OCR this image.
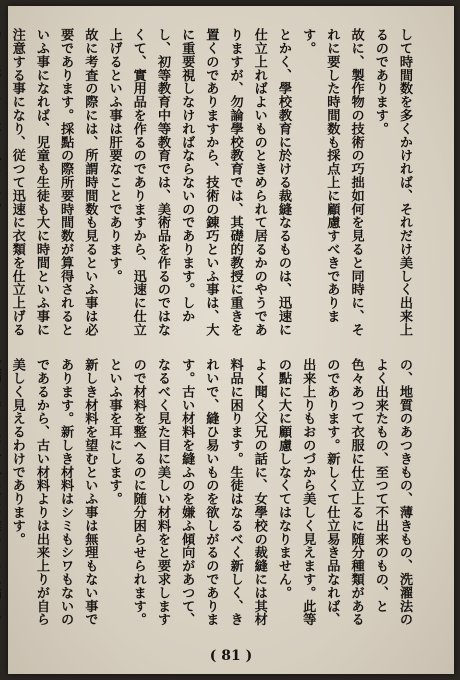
して時間数を多くかければ、それだけ美しく出来上るのであります。

故に、製作物の技術の巧拙如何を見ると同時に、それに要した時間数も採点上に顧慮すべきであります。

とかく、學校教育に於ける裁縫なるものは、迅速に仕立上ればよいものときめられて居るかのやうでありますが、勿論學校教育では、其礎的教授に重きを置くのでありますから、技術の錬巧といふ事は、大に重要視しなければならないのであります。しかし、初等教育中等教育では、美術品を作るのではなくて、實用品を作るのでありますから、迅速に仕立上げるといふ事は肝要なことであります。

故に考査の際には、所謂時間数も見るといふ事は必要であります。採點の際所要時間数が算得されるといふ事になれば、児童も生徒も大に時間といふ事に注意する事になり、従つて迅速に衣類を仕立上げる

の、地質のあつきもの、薄きもの、洗濯法のよく出来たもの、至つて不出来のもの、と色々あつて衣服に仕立上るに随分種類があるのであります。新しくて仕立易き品なれば、出来上りもおのづから美しく見えます。此等の點に大に顧慮しなくてはなりません。

よく聞く父兄の話に、女學校の裁縫には其材料品に困ります。生徒はなるべく新しく、きれいで、縫ひ易いものを欲しがるのであります。古い材料を縫ふのを嫌ふ傾向があつて、なるべく見た目に美しい材料をと要求しますので材料を整へるのに随分困らせられます。といふ事を耳にします。

新しき材料を望むといふ事は無理もない事であります。新しき材料はシミもシワもないのであるから、古い材料よりは出来上りが自ら美しく見えるわけであります。

( 81 )
